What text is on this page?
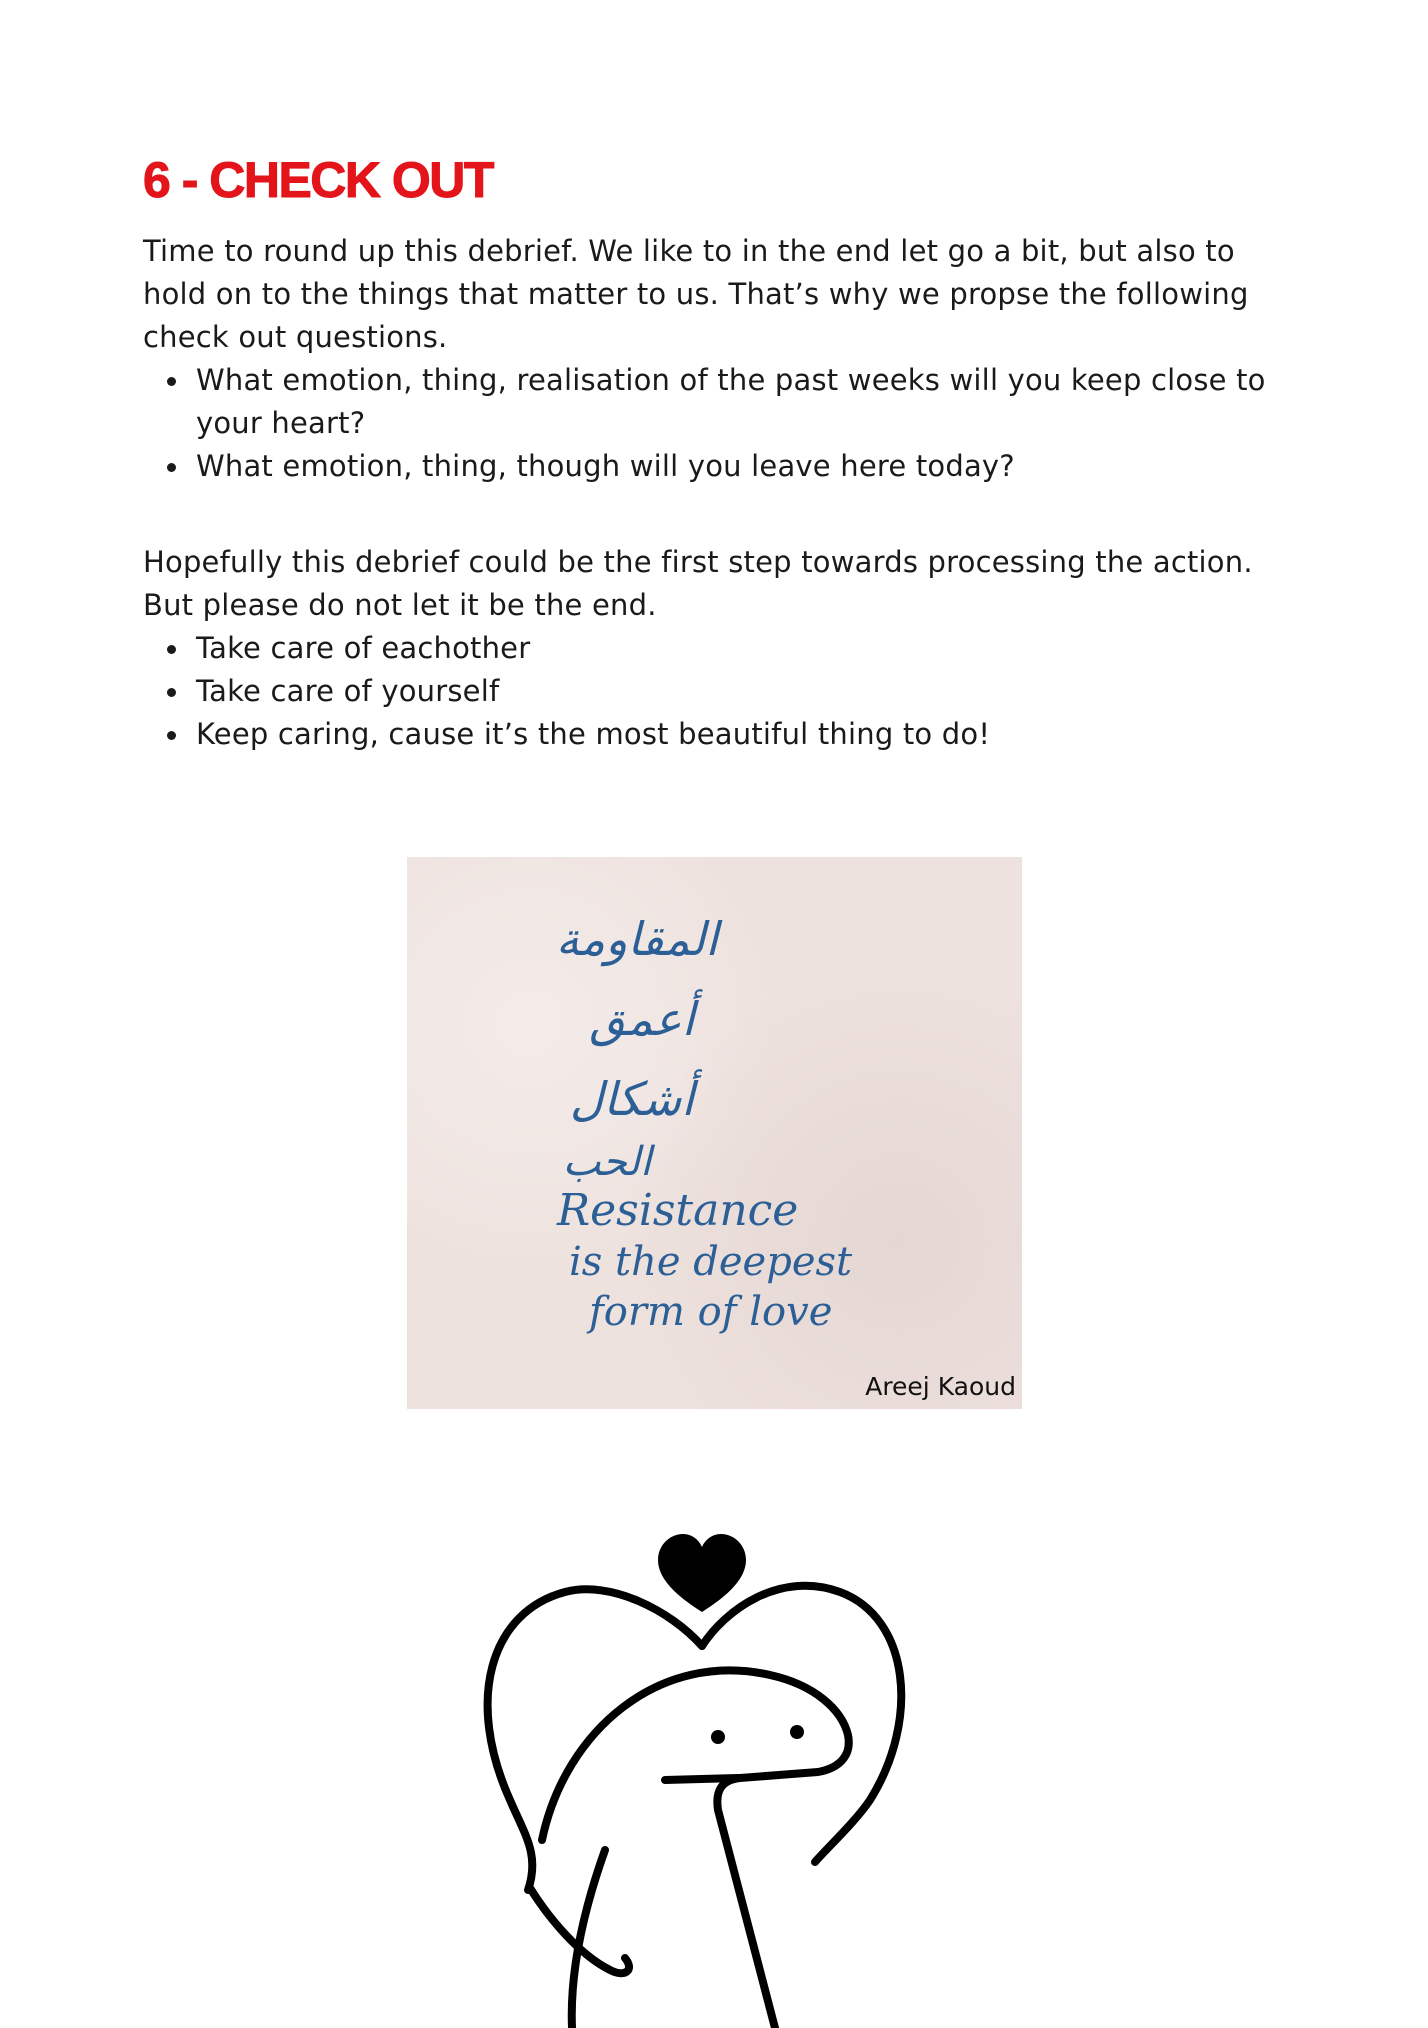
6 - CHECK OUT

Time to round up this debrief. We like to in the end let go a bit, but also to hold on to the things that matter to us. That’s why we propse the following check out questions.

What emotion, thing, realisation of the past weeks will you keep close to your heart?
What emotion, thing, though will you leave here today?

Hopefully this debrief could be the first step towards processing the action. But please do not let it be the end.

Take care of eachother
Take care of yourself
Keep caring, cause it’s the most beautiful thing to do!
المقاومة
أعمق
أشكال
الحب
Resistance
is the deepest
form of love
Areej Kaoud
